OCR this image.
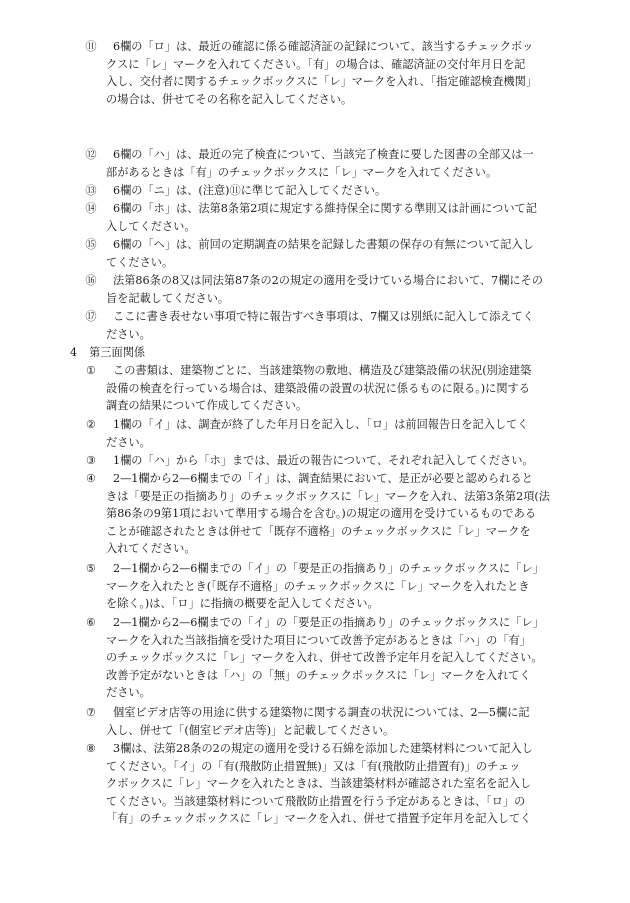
⑪	6欄の「ロ」は、最近の確認に係る確認済証の記録について、該当するチェックボッ
クスに「レ」マークを入れてください。「有」の場合は、確認済証の交付年月日を記
入し、交付者に関するチェックボックスに「レ」マークを入れ、「指定確認検査機関」
の場合は、併せてその名称を記入してください。
⑫	6欄の「ハ」は、最近の完了検査について、当該完了検査に要した図書の全部又は一
部があるときは「有」のチェックボックスに「レ」マークを入れてください。
⑬	6欄の「ニ」は、(注意)⑪に準じて記入してください。
⑭	6欄の「ホ」は、法第8条第2項に規定する維持保全に関する準則又は計画について記
入してください。
⑮	6欄の「ヘ」は、前回の定期調査の結果を記録した書類の保存の有無について記入し
てください。
⑯	法第86条の8又は同法第87条の2の規定の適用を受けている場合において、7欄にその
旨を記載してください。
⑰	ここに書き表せない事項で特に報告すべき事項は、7欄又は別紙に記入して添えてく
ださい。
4 第三面関係
①	この書類は、建築物ごとに、当該建築物の敷地、構造及び建築設備の状況(別途建築
設備の検査を行っている場合は、建築設備の設置の状況に係るものに限る。)に関する
調査の結果について作成してください。
②	1欄の「イ」は、調査が終了した年月日を記入し、「ロ」は前回報告日を記入してく
ださい。
③	1欄の「ハ」から「ホ」までは、最近の報告について、それぞれ記入してください。
④	2—1欄から2—6欄までの「イ」は、調査結果において、是正が必要と認められると
きは「要是正の指摘あり」のチェックボックスに「レ」マークを入れ、法第3条第2項(法
第86条の9第1項において準用する場合を含む。)の規定の適用を受けているものである
ことが確認されたときは併せて「既存不適格」のチェックボックスに「レ」マークを
入れてください。
⑤	2—1欄から2—6欄までの「イ」の「要是正の指摘あり」のチェックボックスに「レ」
マークを入れたとき(「既存不適格」のチェックボックスに「レ」マークを入れたとき
を除く。)は、「ロ」に指摘の概要を記入してください。
⑥	2—1欄から2—6欄までの「イ」の「要是正の指摘あり」のチェックボックスに「レ」
マークを入れた当該指摘を受けた項目について改善予定があるときは「ハ」の「有」
のチェックボックスに「レ」マークを入れ、併せて改善予定年月を記入してください。
改善予定がないときは「ハ」の「無」のチェックボックスに「レ」マークを入れてく
ださい。
⑦	個室ビデオ店等の用途に供する建築物に関する調査の状況については、2—5欄に記
入し、併せて「(個室ビデオ店等)」と記載してください。
⑧	3欄は、法第28条の2の規定の適用を受ける石綿を添加した建築材料について記入し
てください。「イ」の「有(飛散防止措置無)」又は「有(飛散防止措置有)」のチェッ
クボックスに「レ」マークを入れたときは、当該建築材料が確認された室名を記入し
てください。当該建築材料について飛散防止措置を行う予定があるときは、「ロ」の
「有」のチェックボックスに「レ」マークを入れ、併せて措置予定年月を記入してく
